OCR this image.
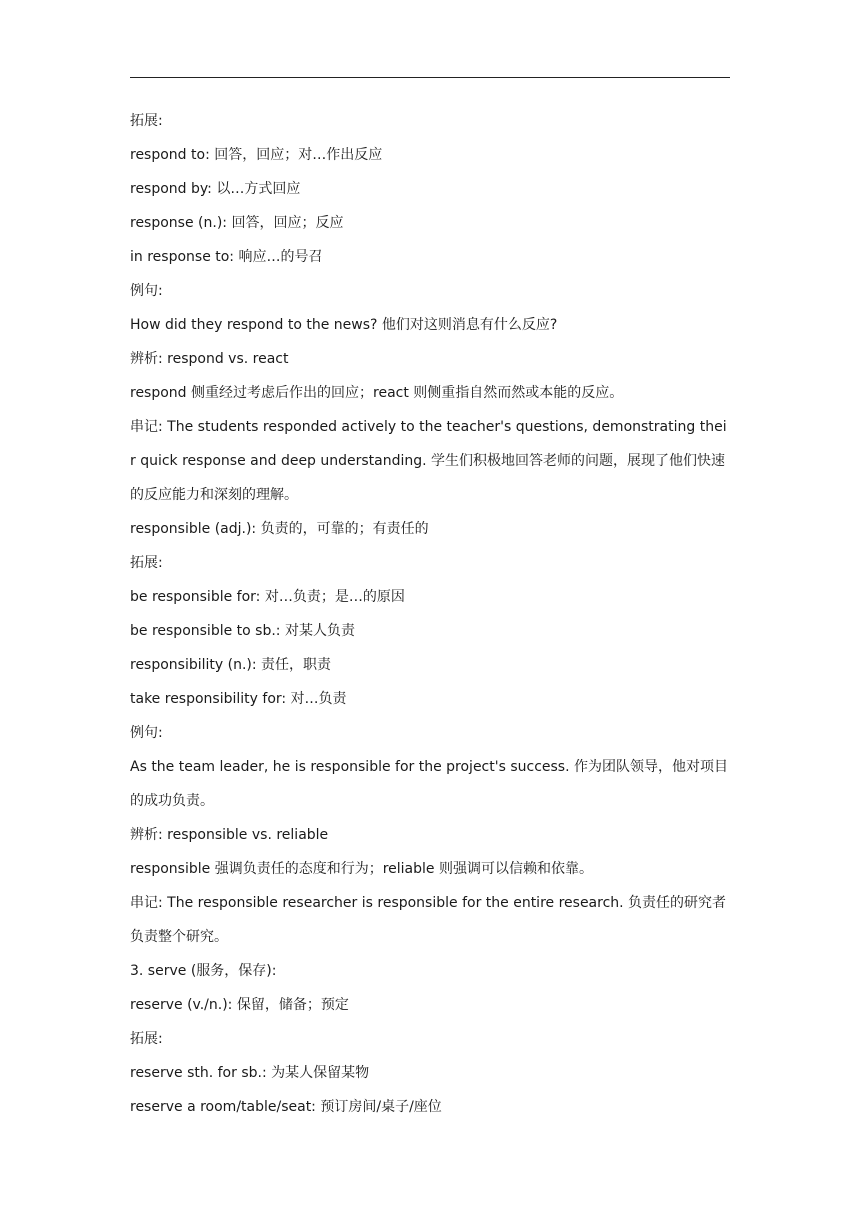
拓展:
respond to: 回答，回应；对…作出反应
respond by: 以…方式回应
response (n.): 回答，回应；反应
in response to: 响应…的号召
例句:
How did they respond to the news? 他们对这则消息有什么反应?
辨析: respond vs. react
respond 侧重经过考虑后作出的回应；react 则侧重指自然而然或本能的反应。
串记: The students responded actively to the teacher's questions, demonstrating their quick response and deep understanding. 学生们积极地回答老师的问题，展现了他们快速的反应能力和深刻的理解。
responsible (adj.): 负责的，可靠的；有责任的
拓展:
be responsible for: 对…负责；是…的原因
be responsible to sb.: 对某人负责
responsibility (n.): 责任，职责
take responsibility for: 对…负责
例句:
As the team leader, he is responsible for the project's success. 作为团队领导，他对项目的成功负责。
辨析: responsible vs. reliable
responsible 强调负责任的态度和行为；reliable 则强调可以信赖和依靠。
串记: The responsible researcher is responsible for the entire research. 负责任的研究者负责整个研究。
3. serve (服务，保存):
reserve (v./n.): 保留，储备；预定
拓展:
reserve sth. for sb.: 为某人保留某物
reserve a room/table/seat: 预订房间/桌子/座位
